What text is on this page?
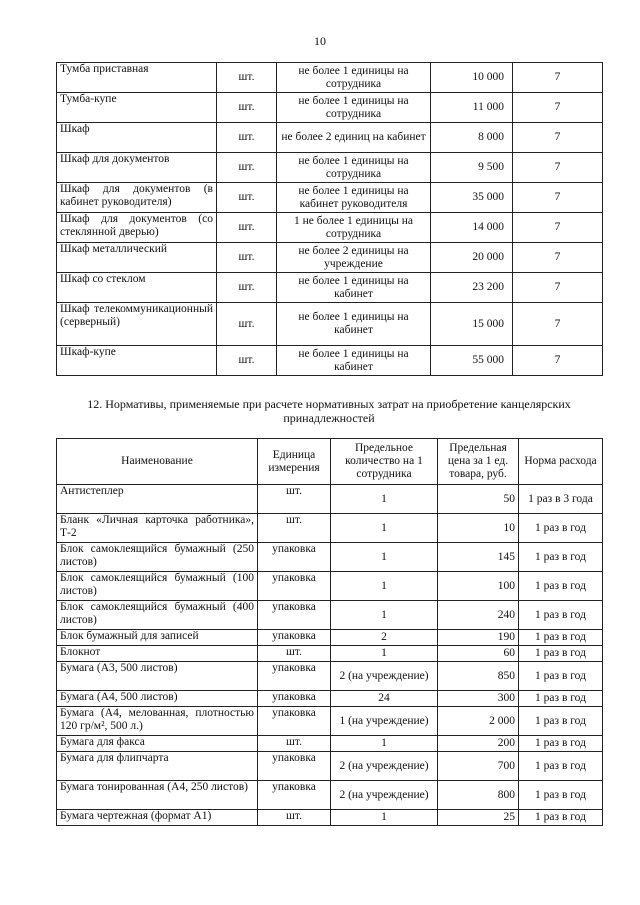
10
Тумба приставная	шт.	не более 1 единицы на сотрудника	10 000	7
Тумба-купе	шт.	не более 1 единицы на сотрудника	11 000	7
Шкаф	шт.	не более 2 единиц на кабинет	8 000	7
Шкаф для документов	шт.	не более 1 единицы на сотрудника	9 500	7
Шкаф для документов (в кабинет руководителя)	шт.	не более 1 единицы на кабинет руководителя	35 000	7
Шкаф для документов (со стеклянной дверью)	шт.	1 не более 1 единицы на сотрудника	14 000	7
Шкаф металлический	шт.	не более 2 единицы на учреждение	20 000	7
Шкаф со стеклом	шт.	не более 1 единицы на кабинет	23 200	7
Шкаф телекоммуникационный (серверный)	шт.	не более 1 единицы на кабинет	15 000	7
Шкаф-купе	шт.	не более 1 единицы на кабинет	55 000	7
12. Нормативы, применяемые при расчете нормативных затрат на приобретение канцелярских принадлежностей
Наименование	Единица измерения	Предельное количество на 1 сотрудника	Предельная цена за 1 ед. товара, руб.	Норма расхода
Антистеплер	шт.	1	50	1 раз в 3 года
Бланк «Личная карточка работника», Т-2	шт.	1	10	1 раз в год
Блок самоклеящийся бумажный (250 листов)	упаковка	1	145	1 раз в год
Блок самоклеящийся бумажный (100 листов)	упаковка	1	100	1 раз в год
Блок самоклеящийся бумажный (400 листов)	упаковка	1	240	1 раз в год
Блок бумажный для записей	упаковка	2	190	1 раз в год
Блокнот	шт.	1	60	1 раз в год
Бумага (А3, 500 листов)	упаковка	2 (на учреждение)	850	1 раз в год
Бумага (А4, 500 листов)	упаковка	24	300	1 раз в год
Бумага (А4, мелованная, плотностью 120 гр/м², 500 л.)	упаковка	1 (на учреждение)	2 000	1 раз в год
Бумага для факса	шт.	1	200	1 раз в год
Бумага для флипчарта	упаковка	2 (на учреждение)	700	1 раз в год
Бумага тонированная (А4, 250 листов)	упаковка	2 (на учреждение)	800	1 раз в год
Бумага чертежная (формат А1)	шт.	1	25	1 раз в год
